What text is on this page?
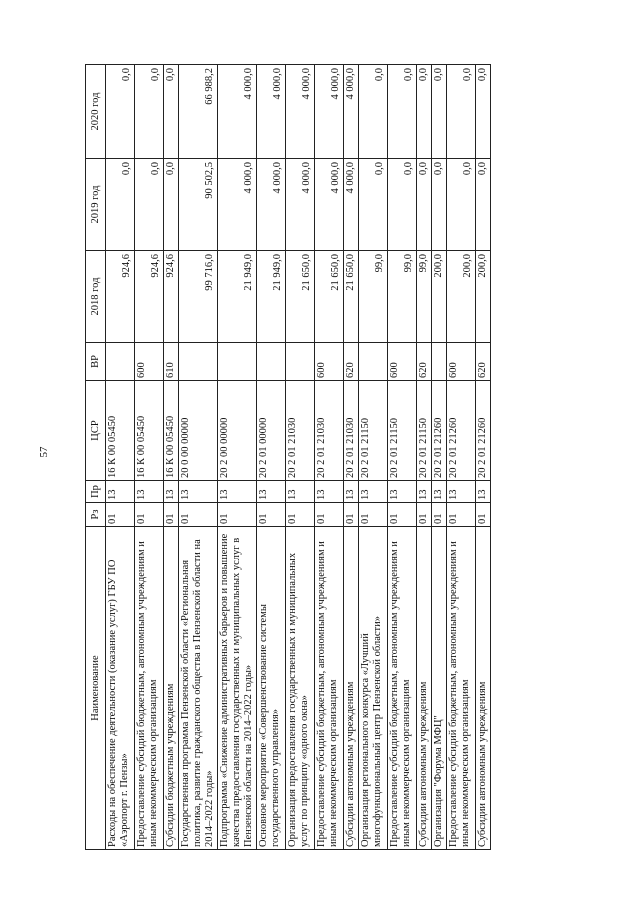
57
Наименование	Рз	Пр	ЦСР	ВР	2018 год	2019 год	2020 год
Расходы на обеспечение деятельности (оказание услуг) ГБУ ПО «Аэропорт г. Пензы»	01	13	16 К 00 05450		924,6	0,0	0,0
Предоставление субсидий бюджетным, автономным учреждениям и иным некоммерческим организациям	01	13	16 К 00 05450	600	924,6	0,0	0,0
Субсидии бюджетным учреждениям	01	13	16 К 00 05450	610	924,6	0,0	0,0
Государственная программа Пензенской области «Региональная политика, развитие гражданского общества в Пензенской области на 2014–2022 годы»	01	13	20 0 00 00000		99 716,0	90 502,5	66 988,2
Подпрограмма «Снижение административных барьеров и повышение качества предоставления государственных и муниципальных услуг в Пензенской области на 2014–2022 годы»	01	13	20 2 00 00000		21 949,0	4 000,0	4 000,0
Основное мероприятие «Совершенствование системы государственного управления»	01	13	20 2 01 00000		21 949,0	4 000,0	4 000,0
Организация предоставления государственных и муниципальных услуг по принципу «одного окна»	01	13	20 2 01 21030		21 650,0	4 000,0	4 000,0
Предоставление субсидий бюджетным, автономным учреждениям и иным некоммерческим организациям	01	13	20 2 01 21030	600	21 650,0	4 000,0	4 000,0
Субсидии автономным учреждениям	01	13	20 2 01 21030	620	21 650,0	4 000,0	4 000,0
Организация регионального конкурса «Лучший многофункциональный центр Пензенской области»	01	13	20 2 01 21150		99,0	0,0	0,0
Предоставление субсидий бюджетным, автономным учреждениям и иным некоммерческим организациям	01	13	20 2 01 21150	600	99,0	0,0	0,0
Субсидии автономным учреждениям	01	13	20 2 01 21150	620	99,0	0,0	0,0
Организация "Форума МФЦ"	01	13	20 2 01 21260		200,0	0,0	0,0
Предоставление субсидий бюджетным, автономным учреждениям и иным некоммерческим организациям	01	13	20 2 01 21260	600	200,0	0,0	0,0
Субсидии автономным учреждениям	01	13	20 2 01 21260	620	200,0	0,0	0,0
